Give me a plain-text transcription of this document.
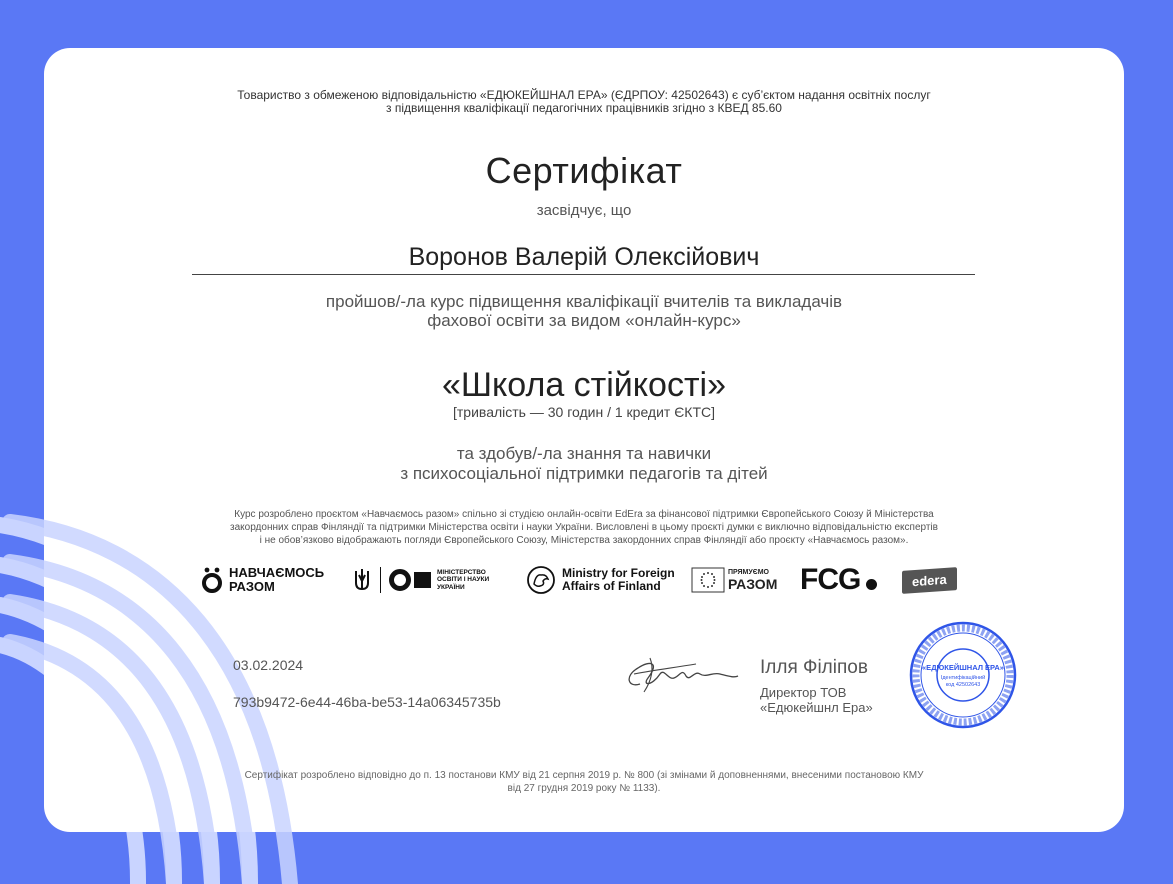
Товариство з обмеженою відповідальністю «ЕДЮКЕЙШНАЛ ЕРА» (ЄДРПОУ: 42502643) є суб’єктом надання освітніх послуг
з підвищення кваліфікації педагогічних працівників згідно з КВЕД 85.60
Сертифікат
засвідчує, що
Воронов Валерій Олексійович
пройшов/-ла курс підвищення кваліфікації вчителів та викладачів
фахової освіти за видом «онлайн-курс»
«Школа стійкості»
[тривалість — 30 годин / 1 кредит ЄКТС]
та здобув/-ла знання та навички
з психосоціальної підтримки педагогів та дітей
Курс розроблено проєктом «Навчаємось разом» спільно зі студією онлайн-освіти EdEra за фінансової підтримки Європейського Союзу й Міністерства
закордонних справ Фінляндії та підтримки Міністерства освіти і науки України. Висловлені в цьому проєкті думки є виключно відповідальністю експертів
і не обов’язково відображають погляди Європейського Союзу, Міністерства закордонних справ Фінляндії або проєкту «Навчаємось разом».
НАВЧАЄМОСЬ
РАЗОМ
МІНІСТЕРСТВО
ОСВІТИ І НАУКИ
УКРАЇНИ
Ministry for Foreign
Affairs of Finland
ПРЯМУЄМО
РАЗОМ FCG	edera
03.02.2024
793b9472-6e44-46ba-be53-14a06345735b
Ілля Філіпов
Директор ТОВ
«Едюкейшнл Ера»
«ЕДЮКЕЙШНАЛ ЕРА»
Ідентифікаційний
код 42502643
Сертифікат розроблено відповідно до п. 13 постанови КМУ від 21 серпня 2019 р. № 800 (зі змінами й доповненнями, внесеними постановою КМУ
від 27 грудня 2019 року № 1133).
